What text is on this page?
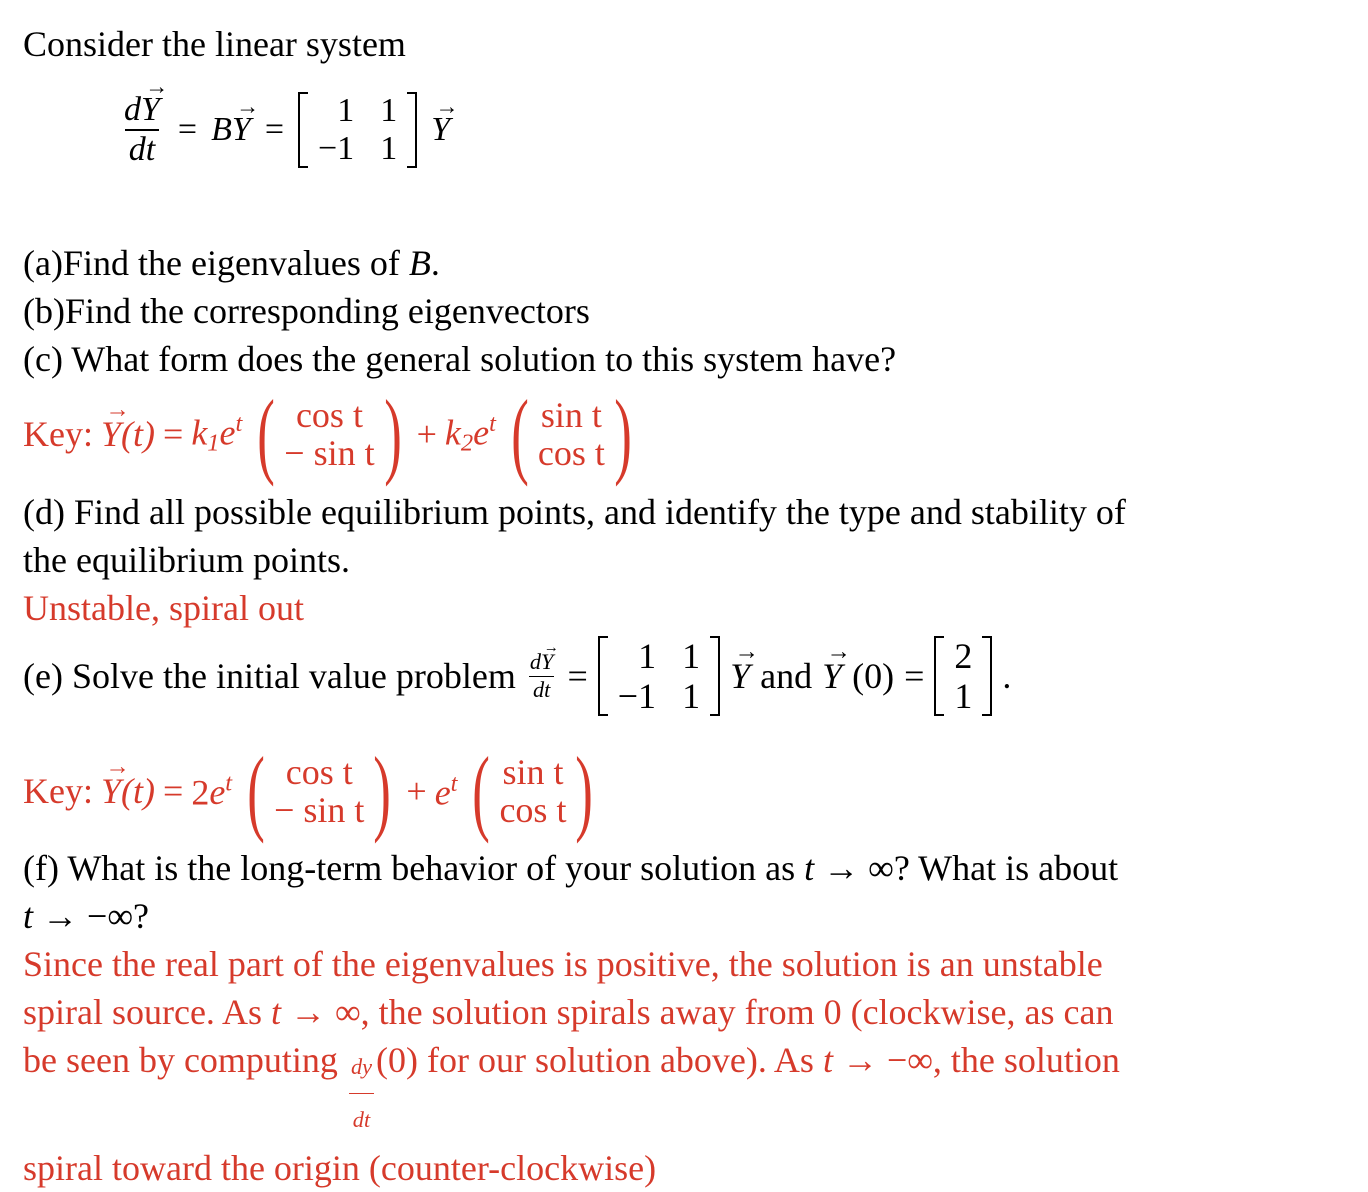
Consider the linear system
$\frac{d\to Y}{dt} = B\to Y$ =
1 1
−1 1
→ Y
(a)Find the eigenvalues of B.
(b)Find the corresponding eigenvectors
(c) What form does the general solution to this system have?
Key: → $Y(t) = k_1e^t$ ( cos t
− sin t ) + $k_2e^t$ ( sin t
cos t )
(d) Find all possible equilibrium points, and identify the type and stability of
the equilibrium points.
Unstable, spiral out
(e) Solve the initial value problem $\frac{d\to Y}{dt} = 1$ 1
−1 1 → Y and → Y (0) = 2
1 .
Key: → $Y(t) = 2e^t$ ( cos t
− sin t ) + $e^t$ ( sin t
cos t )
(f) What is the long-term behavior of your solution as t → ∞? What is about
t → −∞?
Since the real part of the eigenvalues is positive, the solution is an unstable
spiral source. As t → ∞, the solution spirals away from 0 (clockwise, as can
be seen by computing $\frac{dy}{dt} (0)$ for our solution above). As t → −∞, the solution
spiral toward the origin (counter-clockwise)
